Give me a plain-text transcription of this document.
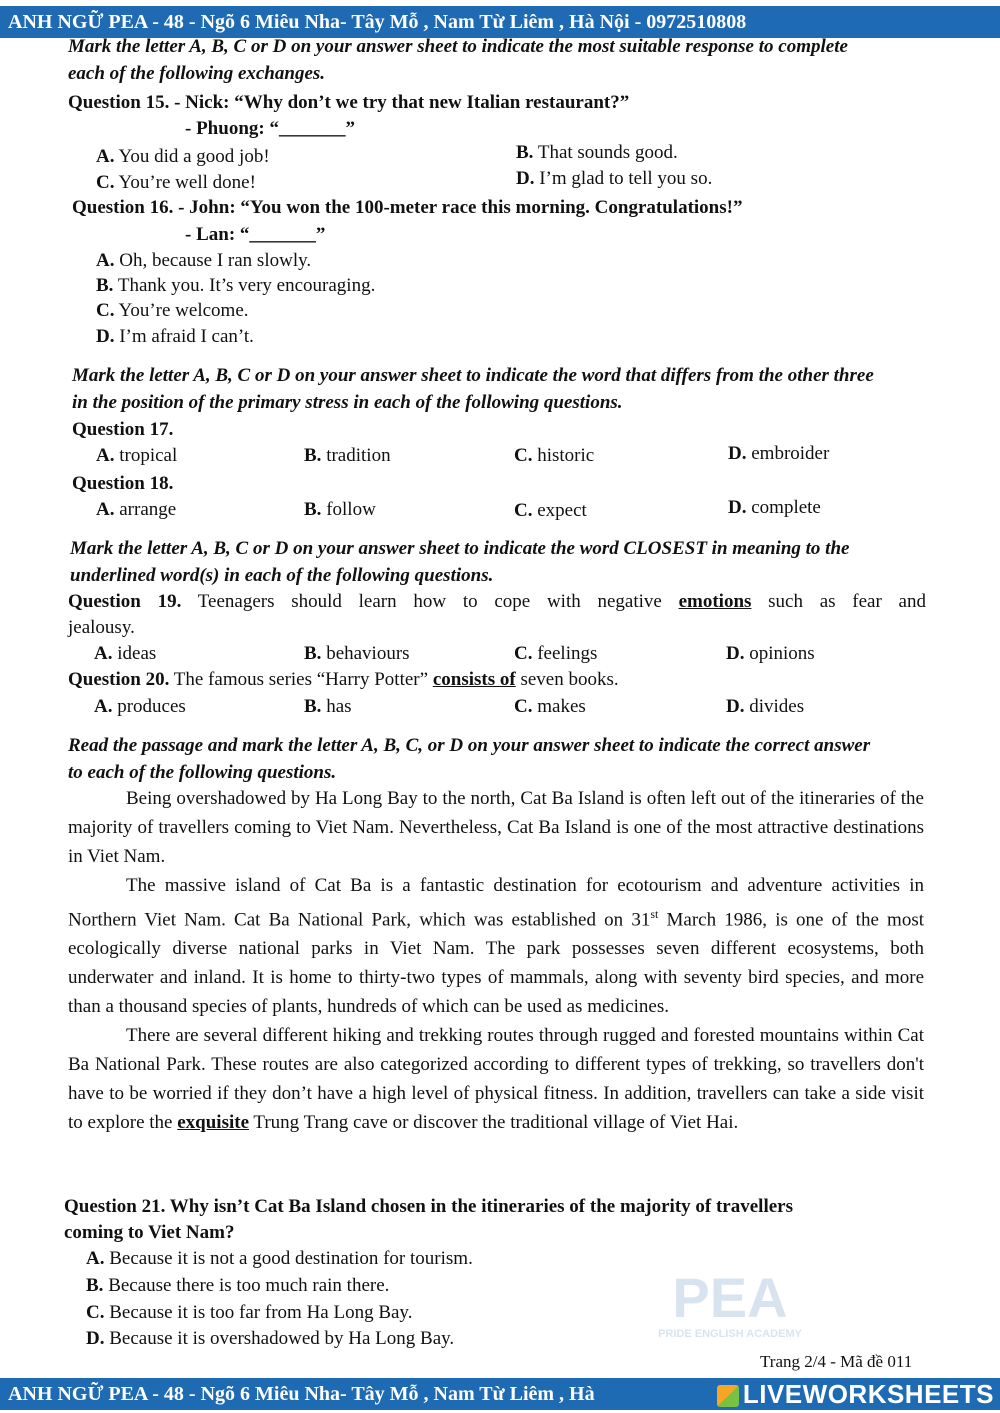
ANH NGỮ PEA - 48 - Ngõ 6 Miêu Nha- Tây Mỗ , Nam Từ Liêm , Hà Nội - 0972510808
Mark the letter A, B, C or D on your answer sheet to indicate the most suitable response to complete
each of the following exchanges.
Question 15. - Nick: “Why don’t we try that new Italian restaurant?”
- Phuong: “_______”
A. You did a good job!	B. That sounds good.
C. You’re well done!	D. I’m glad to tell you so.
Question 16. - John: “You won the 100-meter race this morning. Congratulations!”
- Lan: “_______”
A. Oh, because I ran slowly.
B. Thank you. It’s very encouraging.
C. You’re welcome.
D. I’m afraid I can’t.
Mark the letter A, B, C or D on your answer sheet to indicate the word that differs from the other three
in the position of the primary stress in each of the following questions.
Question 17.
A. tropical	B. tradition	C. historic	D. embroider
Question 18.
A. arrange	B. follow	C. expect	D. complete
Mark the letter A, B, C or D on your answer sheet to indicate the word CLOSEST in meaning to the
underlined word(s) in each of the following questions.
Question 19. Teenagers should learn how to cope with negative emotions such as fear and
jealousy.
A. ideas	B. behaviours	C. feelings	D. opinions
Question 20. The famous series “Harry Potter” consists of seven books.
A. produces	B. has	C. makes	D. divides
Read the passage and mark the letter A, B, C, or D on your answer sheet to indicate the correct answer
to each of the following questions.

Being overshadowed by Ha Long Bay to the north, Cat Ba Island is often left out of the itineraries of the majority of travellers coming to Viet Nam. Nevertheless, Cat Ba Island is one of the most attractive destinations in Viet Nam.

The massive island of Cat Ba is a fantastic destination for ecotourism and adventure activities in Northern Viet Nam. Cat Ba National Park, which was established on 31st March 1986, is one of the most ecologically diverse national parks in Viet Nam. The park possesses seven different ecosystems, both underwater and inland. It is home to thirty-two types of mammals, along with seventy bird species, and more than a thousand species of plants, hundreds of which can be used as medicines.

There are several different hiking and trekking routes through rugged and forested mountains within Cat Ba National Park. These routes are also categorized according to different types of trekking, so travellers don't have to be worried if they don’t have a high level of physical fitness. In addition, travellers can take a side visit to explore the exquisite Trung Trang cave or discover the traditional village of Viet Hai.

Question 21. Why isn’t Cat Ba Island chosen in the itineraries of the majority of travellers
coming to Viet Nam?
A. Because it is not a good destination for tourism.
B. Because there is too much rain there.
C. Because it is too far from Ha Long Bay.
D. Because it is overshadowed by Ha Long Bay.
PEA
PRIDE ENGLISH ACADEMY
Trang 2/4 - Mã đề 011
ANH NGỮ PEA - 48 - Ngõ 6 Miêu Nha- Tây Mỗ , Nam Từ Liêm , Hà	LIVEWORKSHEETS
